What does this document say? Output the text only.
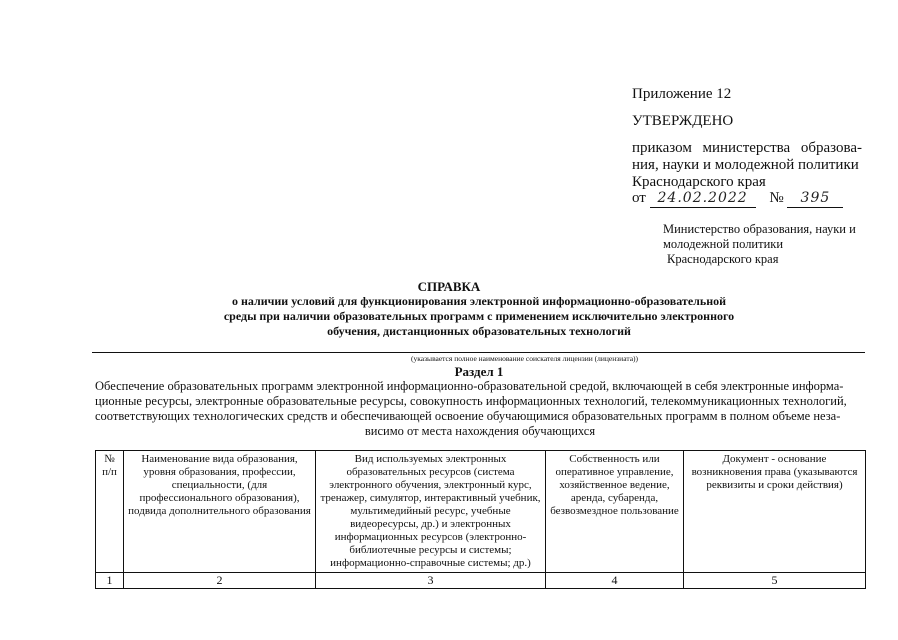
Приложение 12
УТВЕРЖДЕНО
приказом министерства образова-
ния, науки и молодежной политики
Краснодарского края
от 24.02.2022 № 395
Министерство образования, науки и
молодежной политики
Краснодарского края
СПРАВКА
о наличии условий для функционирования электронной информационно-образовательной
среды при наличии образовательных программ с применением исключительно электронного
обучения, дистанционных образовательных технологий
(указывается полное наименование соискателя лицензии (лицензиата))
Раздел 1
Обеспечение образовательных программ электронной информационно-образовательной средой, включающей в себя электронные информа-
ционные ресурсы, электронные образовательные ресурсы, совокупность информационных технологий, телекоммуникационных технологий,
соответствующих технологических средств и обеспечивающей освоение обучающимися образовательных программ в полном объеме неза-
висимо от места нахождения обучающихся
№ п/п	Наименование вида образования, уровня образования, профессии, специальности, (для профессионального образования), подвида дополнительного образования	Вид используемых электронных образовательных ресурсов (система электронного обучения, электронный курс, тренажер, симулятор, интерактивный учебник, мультимедийный ресурс, учебные видеоресурсы, др.) и электронных информационных ресурсов (электронно-библиотечные ресурсы и системы; информационно-справочные системы; др.)	Собственность или оперативное управление, хозяйственное ведение, аренда, субаренда, безвозмездное пользование	Документ - основание возникновения права (указываются реквизиты и сроки действия)
1	2	3	4	5
